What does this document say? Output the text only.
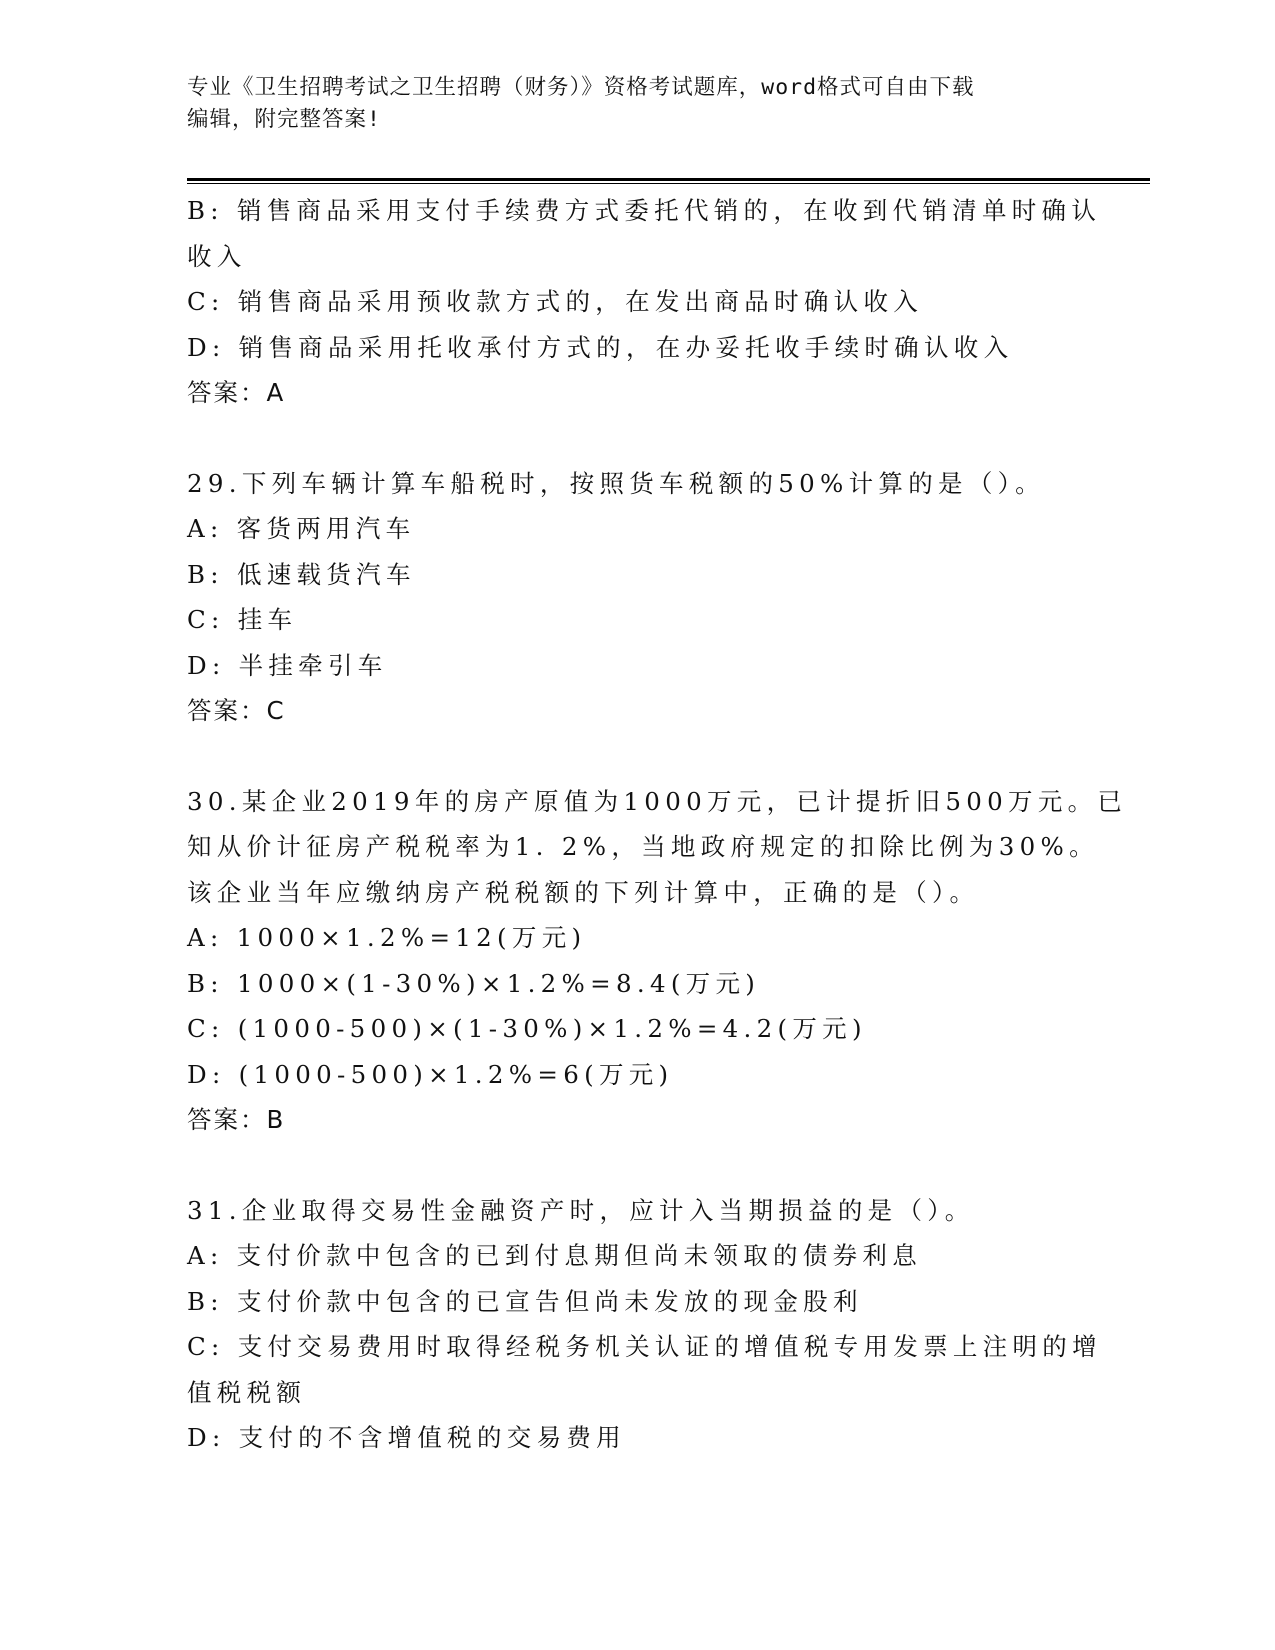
专业《卫生招聘考试之卫生招聘（财务）》资格考试题库，word格式可自由下载
编辑，附完整答案!
B: 销售商品采用支付手续费方式委托代销的，在收到代销清单时确认
收入
C: 销售商品采用预收款方式的，在发出商品时确认收入
D: 销售商品采用托收承付方式的，在办妥托收手续时确认收入
答案：A
29.下列车辆计算车船税时，按照货车税额的50%计算的是（）。
A: 客货两用汽车
B: 低速载货汽车
C: 挂车
D: 半挂牵引车
答案：C
30.某企业2019年的房产原值为1000万元，已计提折旧500万元。已
知从价计征房产税税率为1. 2%，当地政府规定的扣除比例为30%。
该企业当年应缴纳房产税税额的下列计算中，正确的是（）。
A: 1000×1.2%=12(万元)
B: 1000×(1-30%)×1.2%=8.4(万元)
C: (1000-500)×(1-30%)×1.2%=4.2(万元)
D: (1000-500)×1.2%=6(万元)
答案：B
31.企业取得交易性金融资产时，应计入当期损益的是（）。
A: 支付价款中包含的已到付息期但尚未领取的债券利息
B: 支付价款中包含的已宣告但尚未发放的现金股利
C: 支付交易费用时取得经税务机关认证的增值税专用发票上注明的增
值税税额
D: 支付的不含增值税的交易费用
